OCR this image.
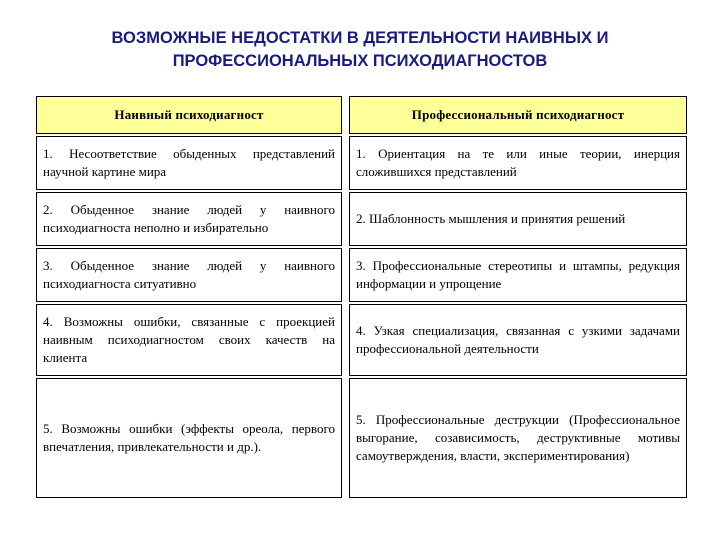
ВОЗМОЖНЫЕ НЕДОСТАТКИ В ДЕЯТЕЛЬНОСТИ НАИВНЫХ И
ПРОФЕССИОНАЛЬНЫХ ПСИХОДИАГНОСТОВ
Наивный психодиагност		Профессиональный психодиагност

1. Несоответствие обыденных представлений научной картине мира		1. Ориентация на те или иные теории, инерция сложившихся представлений

2. Обыденное знание людей у наивного психодиагноста неполно и избирательно		2. Шаблонность мышления и принятия решений

3. Обыденное знание людей у наивного психодиагноста ситуативно		3. Профессиональные стереотипы и штампы, редукция информации и упрощение

4. Возможны ошибки, связанные с проекцией наивным психодиагностом своих качеств на клиента		4. Узкая специализация, связанная с узкими задачами профессиональной деятельности

5. Возможны ошибки (эффекты ореола, первого впечатления, привлекательности и др.).		5. Профессиональные деструкции (Профессиональное выгорание, созависимость, деструктивные мотивы самоутверждения, власти, экспериментирования)
